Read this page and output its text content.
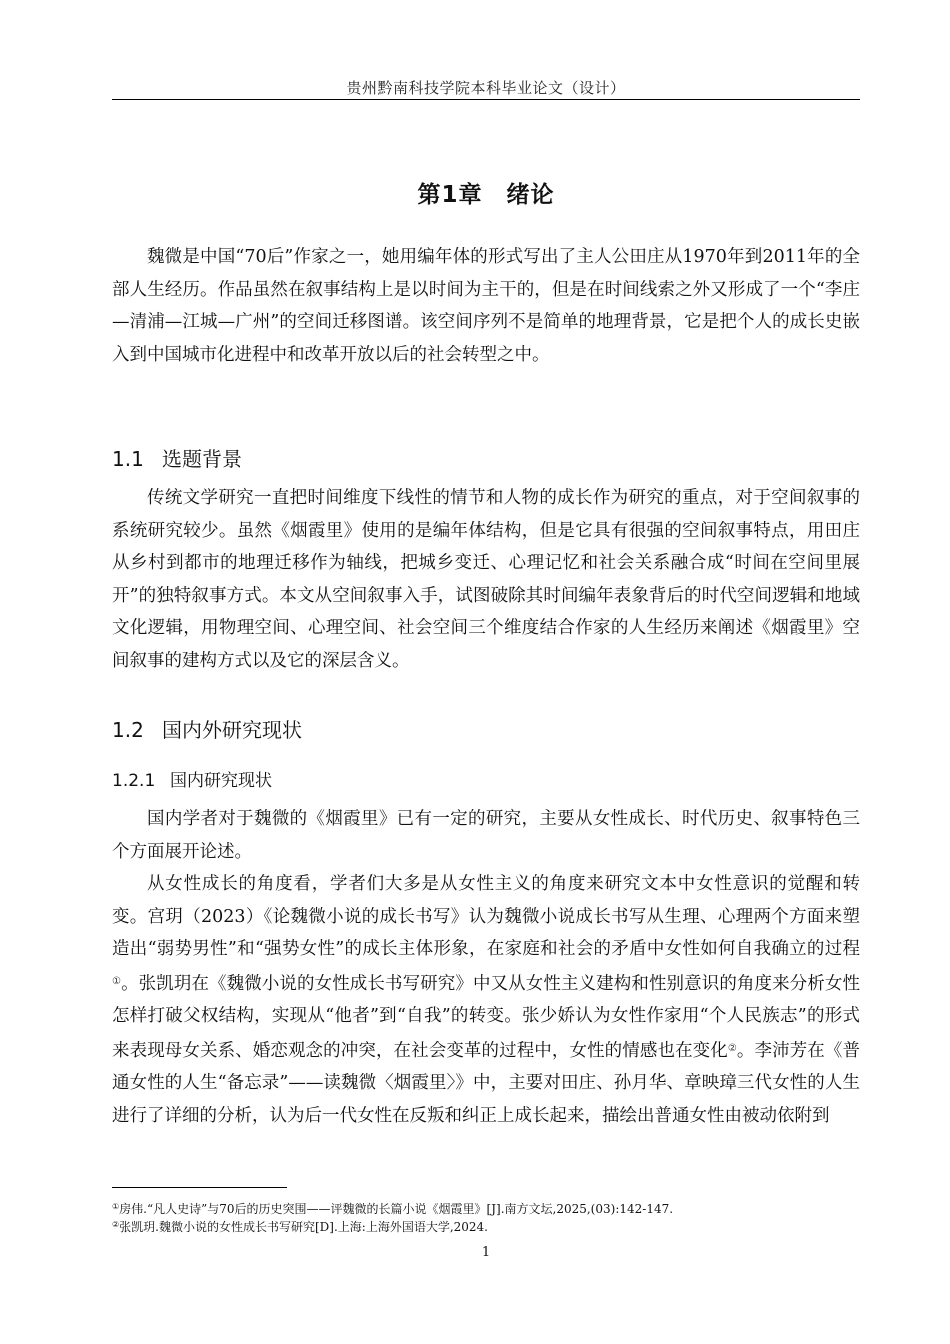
贵州黔南科技学院本科毕业论文（设计）
第1章　绪论

魏微是中国“70后”作家之一，她用编年体的形式写出了主人公田庄从1970年到2011年的全部人生经历。作品虽然在叙事结构上是以时间为主干的，但是在时间线索之外又形成了一个“李庄—清浦—江城—广州”的空间迁移图谱。该空间序列不是简单的地理背景，它是把个人的成长史嵌入到中国城市化进程中和改革开放以后的社会转型之中。

1.1 选题背景

传统文学研究一直把时间维度下线性的情节和人物的成长作为研究的重点，对于空间叙事的系统研究较少。虽然《烟霞里》使用的是编年体结构，但是它具有很强的空间叙事特点，用田庄从乡村到都市的地理迁移作为轴线，把城乡变迁、心理记忆和社会关系融合成“时间在空间里展开”的独特叙事方式。本文从空间叙事入手，试图破除其时间编年表象背后的时代空间逻辑和地域文化逻辑，用物理空间、心理空间、社会空间三个维度结合作家的人生经历来阐述《烟霞里》空间叙事的建构方式以及它的深层含义。

1.2 国内外研究现状
1.2.1 国内研究现状

国内学者对于魏微的《烟霞里》已有一定的研究，主要从女性成长、时代历史、叙事特色三个方面展开论述。

从女性成长的角度看，学者们大多是从女性主义的角度来研究文本中女性意识的觉醒和转变。宫玥（2023）《论魏微小说的成长书写》认为魏微小说成长书写从生理、心理两个方面来塑造出“弱势男性”和“强势女性”的成长主体形象，在家庭和社会的矛盾中女性如何自我确立的过程①。张凯玥在《魏微小说的女性成长书写研究》中又从女性主义建构和性别意识的角度来分析女性怎样打破父权结构，实现从“他者”到“自我”的转变。张少娇认为女性作家用“个人民族志”的形式来表现母女关系、婚恋观念的冲突，在社会变革的过程中，女性的情感也在变化②。李沛芳在《普通女性的人生“备忘录”——读魏微〈烟霞里〉》中，主要对田庄、孙月华、章映璋三代女性的人生进行了详细的分析，认为后一代女性在反叛和纠正上成长起来，描绘出普通女性由被动依附到

①房伟.“凡人史诗”与70后的历史突围——评魏微的长篇小说《烟霞里》[J].南方文坛,2025,(03):142-147.
②张凯玥.魏微小说的女性成长书写研究[D].上海:上海外国语大学,2024.
1
